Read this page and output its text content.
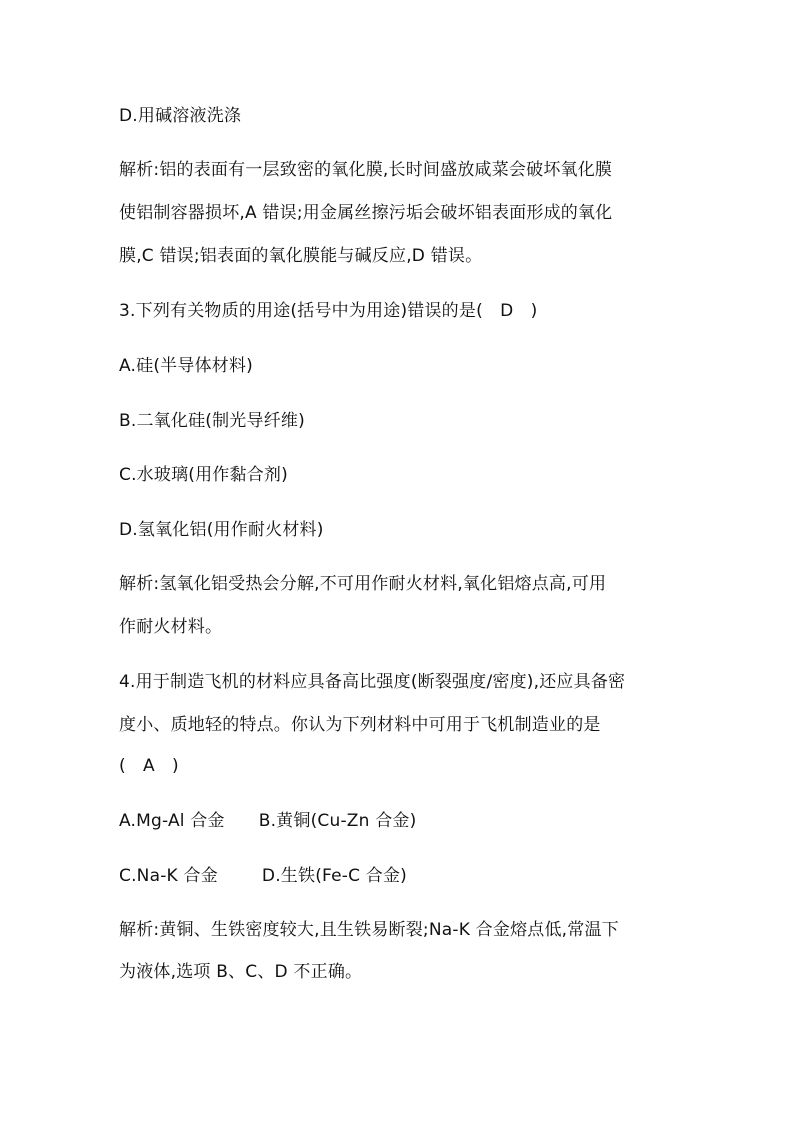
D.用碱溶液洗涤
解析:铝的表面有一层致密的氧化膜,长时间盛放咸菜会破坏氧化膜
使铝制容器损坏,A 错误;用金属丝擦污垢会破坏铝表面形成的氧化
膜,C 错误;铝表面的氧化膜能与碱反应,D 错误。
3.下列有关物质的用途(括号中为用途)错误的是(　D　)
A.硅(半导体材料)
B.二氧化硅(制光导纤维)
C.水玻璃(用作黏合剂)
D.氢氧化铝(用作耐火材料)
解析:氢氧化铝受热会分解,不可用作耐火材料,氧化铝熔点高,可用
作耐火材料。
4.用于制造飞机的材料应具备高比强度(断裂强度/密度),还应具备密
度小、质地轻的特点。你认为下列材料中可用于飞机制造业的是
(　A　)
A.Mg-Al 合金 B.黄铜(Cu-Zn 合金)
C.Na-K 合金	D.生铁(Fe-C 合金)
解析:黄铜、生铁密度较大,且生铁易断裂;Na-K 合金熔点低,常温下
为液体,选项 B、C、D 不正确。
